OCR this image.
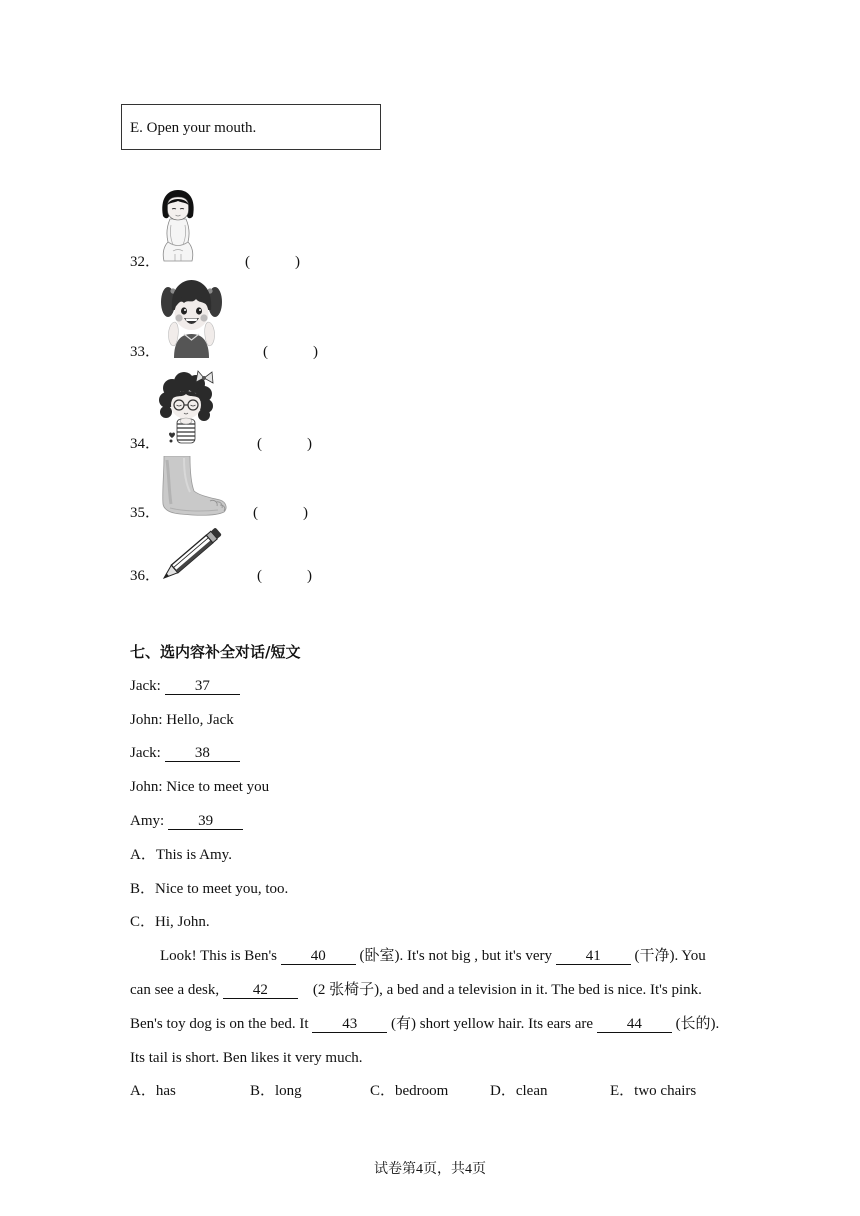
E. Open your mouth.
32．	(            )
33．	(            )
34．	(            )
35．	(            )
36．	(            )
七、选内容补全对话/短文
Jack: 37
John: Hello, Jack
Jack: 38
John: Nice to meet you
Amy: 39
A．This is Amy.
B．Nice to meet you, too.
C．Hi, John.
Look! This is Ben's 40 (卧室). It's not big , but it's very 41 (干净). You
can see a desk, 42    (2 张椅子), a bed and a television in it. The bed is nice. It's pink.
Ben's toy dog is on the bed. It 43 (有) short yellow hair. Its ears are 44 (长的).
Its tail is short. Ben likes it very much.
A．has	B．long	C．bedroom	D．clean	E．two chairs
试卷第4页，共4页
